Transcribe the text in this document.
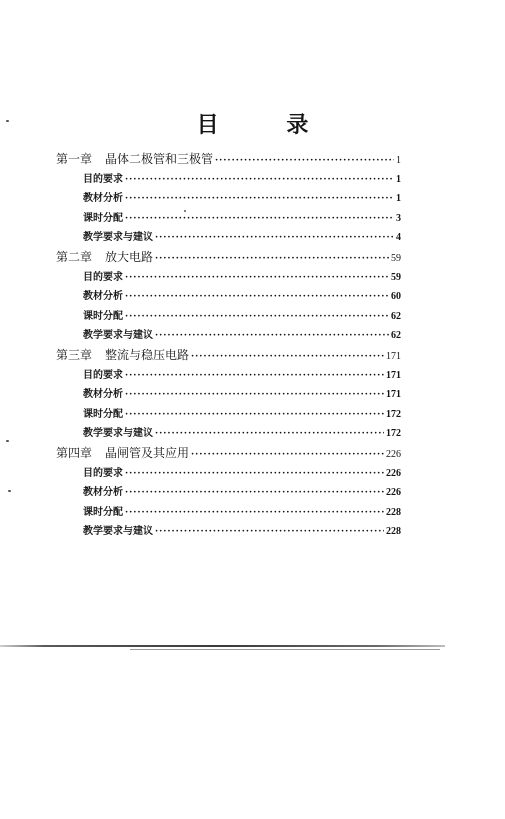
目 录
第一章 晶体二极管和三极管 ·····	1
目的要求 ·····	1
教材分析 ·····	1
课时分配 ·····	3
教学要求与建议 ·····	4
第二章 放大电路 ·····	59
目的要求 ·····	59
教材分析 ·····	60
课时分配 ·····	62
教学要求与建议 ·····	62
第三章 整流与稳压电路 ·····	171
目的要求 ·····	171
教材分析 ·····	171
课时分配 ·····	172
教学要求与建议 ·····	172
第四章 晶闸管及其应用 ·····	226
目的要求 ·····	226
教材分析 ·····	226
课时分配 ·····	228
教学要求与建议 ·····	228
